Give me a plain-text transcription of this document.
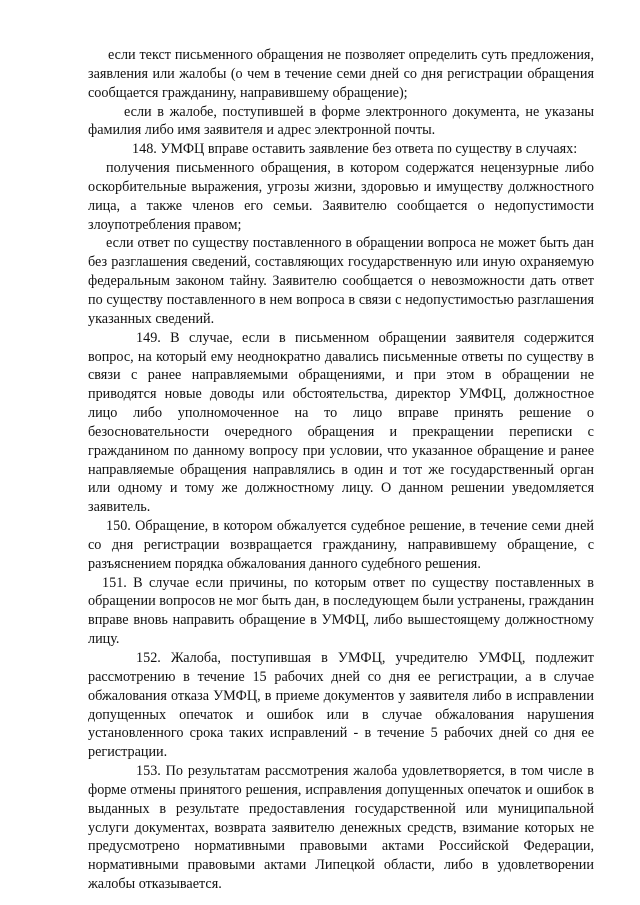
если текст письменного обращения не позволяет определить суть предложения, заявления или жалобы (о чем в течение семи дней со дня регистрации обращения сообщается гражданину, направившему обращение);

если в жалобе, поступившей в форме электронного документа, не указаны фамилия либо имя заявителя и адрес электронной почты.

148. УМФЦ вправе оставить заявление без ответа по существу в случаях:

получения письменного обращения, в котором содержатся нецензурные либо оскорбительные выражения, угрозы жизни, здоровью и имуществу должностного лица, а также членов его семьи. Заявителю сообщается о недопустимости злоупотребления правом;

если ответ по существу поставленного в обращении вопроса не может быть дан без разглашения сведений, составляющих государственную или иную охраняемую федеральным законом тайну. Заявителю сообщается о невозможности дать ответ по существу поставленного в нем вопроса в связи с недопустимостью разглашения указанных сведений.

149. В случае, если в письменном обращении заявителя содержится вопрос, на который ему неоднократно давались письменные ответы по существу в связи с ранее направляемыми обращениями, и при этом в обращении не приводятся новые доводы или обстоятельства, директор УМФЦ, должностное лицо либо уполномоченное на то лицо вправе принять решение о безосновательности очередного обращения и прекращении переписки с гражданином по данному вопросу при условии, что указанное обращение и ранее направляемые обращения направлялись в один и тот же государственный орган или одному и тому же должностному лицу. О данном решении уведомляется заявитель.

150. Обращение, в котором обжалуется судебное решение, в течение семи дней со дня регистрации возвращается гражданину, направившему обращение, с разъяснением порядка обжалования данного судебного решения.

151. В случае если причины, по которым ответ по существу поставленных в обращении вопросов не мог быть дан, в последующем были устранены, гражданин вправе вновь направить обращение в УМФЦ, либо вышестоящему должностному лицу.

152. Жалоба, поступившая в УМФЦ, учредителю УМФЦ, подлежит рассмотрению в течение 15 рабочих дней со дня ее регистрации, а в случае обжалования отказа УМФЦ, в приеме документов у заявителя либо в исправлении допущенных опечаток и ошибок или в случае обжалования нарушения установленного срока таких исправлений - в течение 5 рабочих дней со дня ее регистрации.

153. По результатам рассмотрения жалоба удовлетворяется, в том числе в форме отмены принятого решения, исправления допущенных опечаток и ошибок в выданных в результате предоставления государственной или муниципальной услуги документах, возврата заявителю денежных средств, взимание которых не предусмотрено нормативными правовыми актами Российской Федерации, нормативными правовыми актами Липецкой области, либо в удовлетворении жалобы отказывается.
